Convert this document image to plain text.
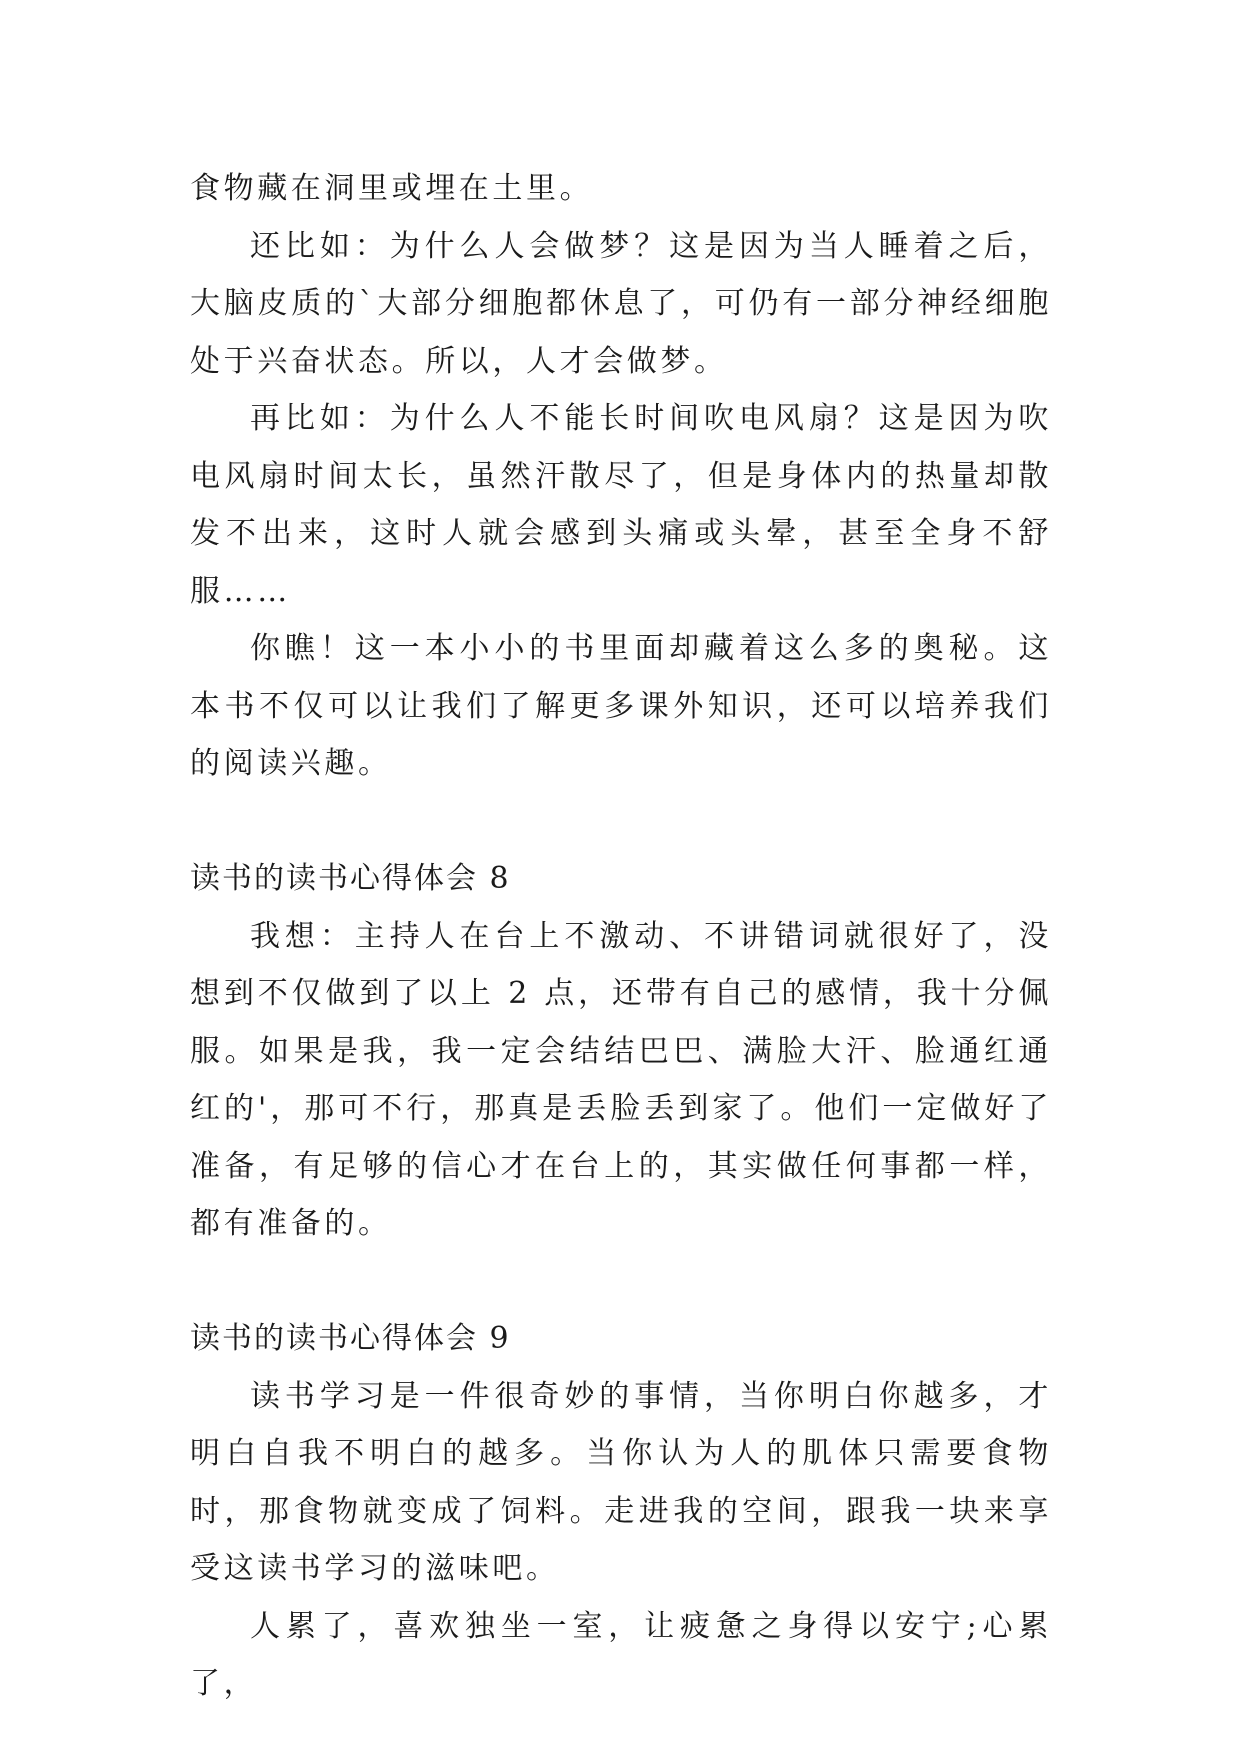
食物藏在洞里或埋在土里。

还比如：为什么人会做梦？这是因为当人睡着之后，大脑皮质的`大部分细胞都休息了，可仍有一部分神经细胞处于兴奋状态。所以，人才会做梦。

再比如：为什么人不能长时间吹电风扇？这是因为吹电风扇时间太长，虽然汗散尽了，但是身体内的热量却散发不出来，这时人就会感到头痛或头晕，甚至全身不舒服……

你瞧！这一本小小的书里面却藏着这么多的奥秘。这本书不仅可以让我们了解更多课外知识，还可以培养我们的阅读兴趣。

读书的读书心得体会 8

我想：主持人在台上不激动、不讲错词就很好了，没想到不仅做到了以上 2 点，还带有自己的感情，我十分佩服。如果是我，我一定会结结巴巴、满脸大汗、脸通红通红的'，那可不行，那真是丢脸丢到家了。他们一定做好了准备，有足够的信心才在台上的，其实做任何事都一样，都有准备的。

读书的读书心得体会 9

读书学习是一件很奇妙的事情，当你明白你越多，才明白自我不明白的越多。当你认为人的肌体只需要食物时，那食物就变成了饲料。走进我的空间，跟我一块来享受这读书学习的滋味吧。

人累了，喜欢独坐一室，让疲惫之身得以安宁;心累了，
